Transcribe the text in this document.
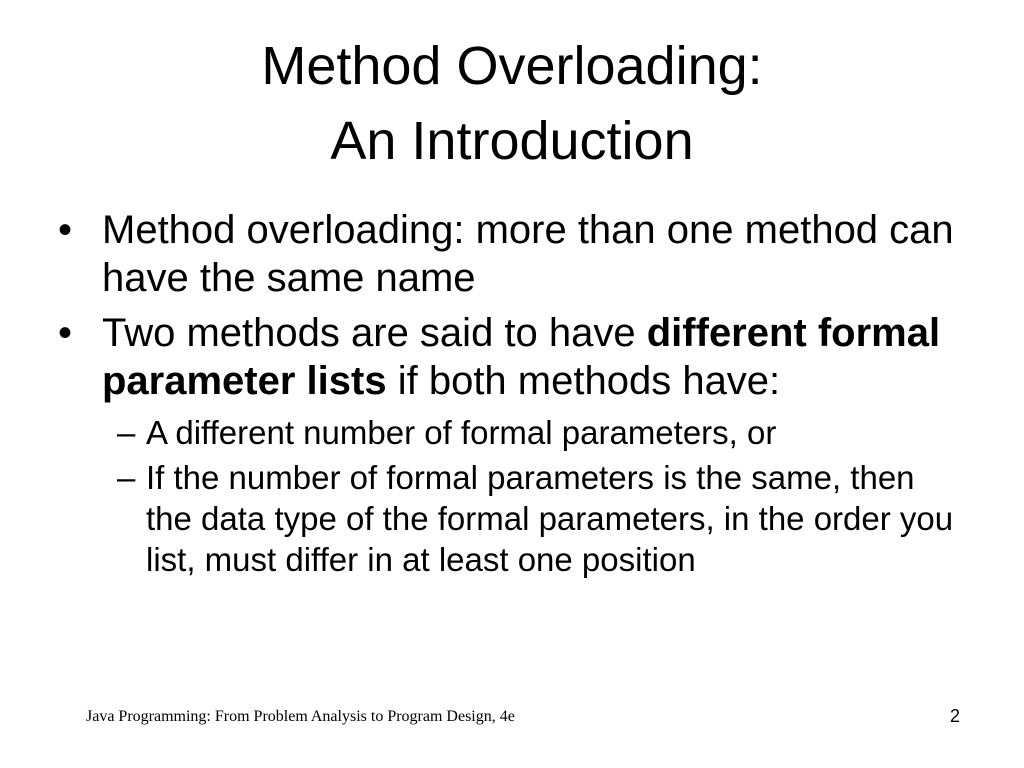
Method Overloading:
An Introduction
• Method overloading: more than one method can have the same name
• Two methods are said to have different formal parameter lists if both methods have:
– A different number of formal parameters, or
– If the number of formal parameters is the same, then the data type of the formal parameters, in the order you list, must differ in at least one position
Java Programming: From Problem Analysis to Program Design, 4e	2
